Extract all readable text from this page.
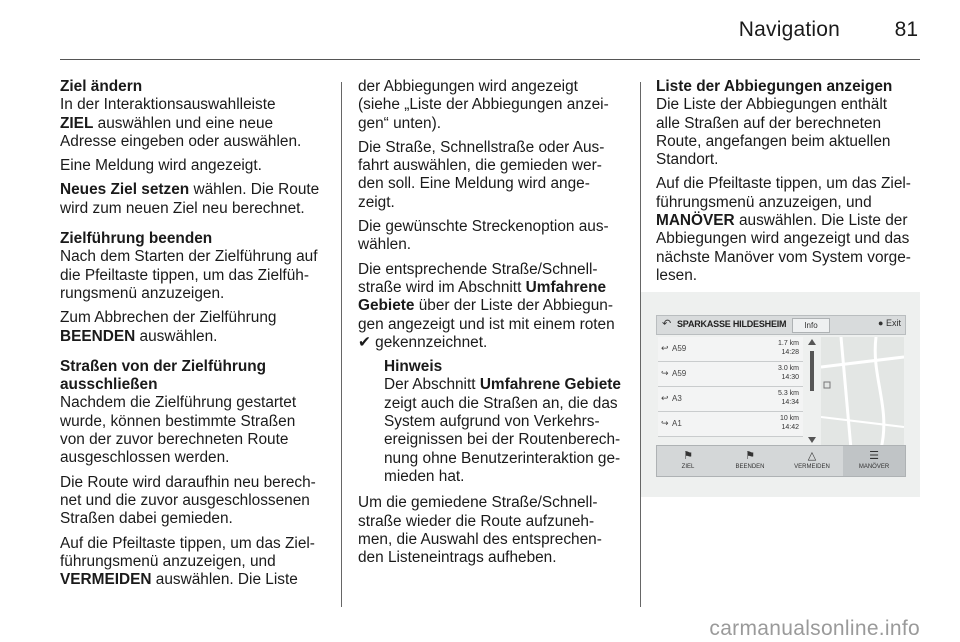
Navigation	81
Ziel ändern

In der Interaktionsauswahlleiste
ZIEL auswählen und eine neue
Adresse eingeben oder auswählen.

Eine Meldung wird angezeigt.

Neues Ziel setzen wählen. Die Route
wird zum neuen Ziel neu berechnet.

Zielführung beenden

Nach dem Starten der Zielführung auf
die Pfeiltaste tippen, um das Zielfüh-
rungsmenü anzuzeigen.

Zum Abbrechen der Zielführung
BEENDEN auswählen.

Straßen von der Zielführung
ausschließen

Nachdem die Zielführung gestartet
wurde, können bestimmte Straßen
von der zuvor berechneten Route
ausgeschlossen werden.

Die Route wird daraufhin neu berech-
net und die zuvor ausgeschlossenen
Straßen dabei gemieden.

Auf die Pfeiltaste tippen, um das Ziel-
führungsmenü anzuzeigen, und
VERMEIDEN auswählen. Die Liste

der Abbiegungen wird angezeigt
(siehe „Liste der Abbiegungen anzei-
gen“ unten).

Die Straße, Schnellstraße oder Aus-
fahrt auswählen, die gemieden wer-
den soll. Eine Meldung wird ange-
zeigt.

Die gewünschte Streckenoption aus-
wählen.

Die entsprechende Straße/Schnell-
straße wird im Abschnitt Umfahrene
Gebiete über der Liste der Abbiegun-
gen angezeigt und ist mit einem roten
✔ gekennzeichnet.

Hinweis
Der Abschnitt Umfahrene Gebiete
zeigt auch die Straßen an, die das
System aufgrund von Verkehrs-
ereignissen bei der Routenberech-
nung ohne Benutzerinteraktion ge-
mieden hat.

Um die gemiedene Straße/Schnell-
straße wieder die Route aufzuneh-
men, die Auswahl des entsprechen-
den Listeneintrags aufheben.

Liste der Abbiegungen anzeigen

Die Liste der Abbiegungen enthält
alle Straßen auf der berechneten
Route, angefangen beim aktuellen
Standort.

Auf die Pfeiltaste tippen, um das Ziel-
führungsmenü anzuzeigen, und
MANÖVER auswählen. Die Liste der
Abbiegungen wird angezeigt und das
nächste Manöver vom System vorge-
lesen.

↶ SPARKASSE HILDESHEIM	Info	● Exit
↩ A59
1.7 km
14:28
↪ A59
3.0 km
14:30
↩ A3
5.3 km
14:34
↪ A1
10 km
14:42
⚑
ZIEL
⚑
BEENDEN
△
VERMEIDEN
☰
MANÖVER
carmanualsonline.info
